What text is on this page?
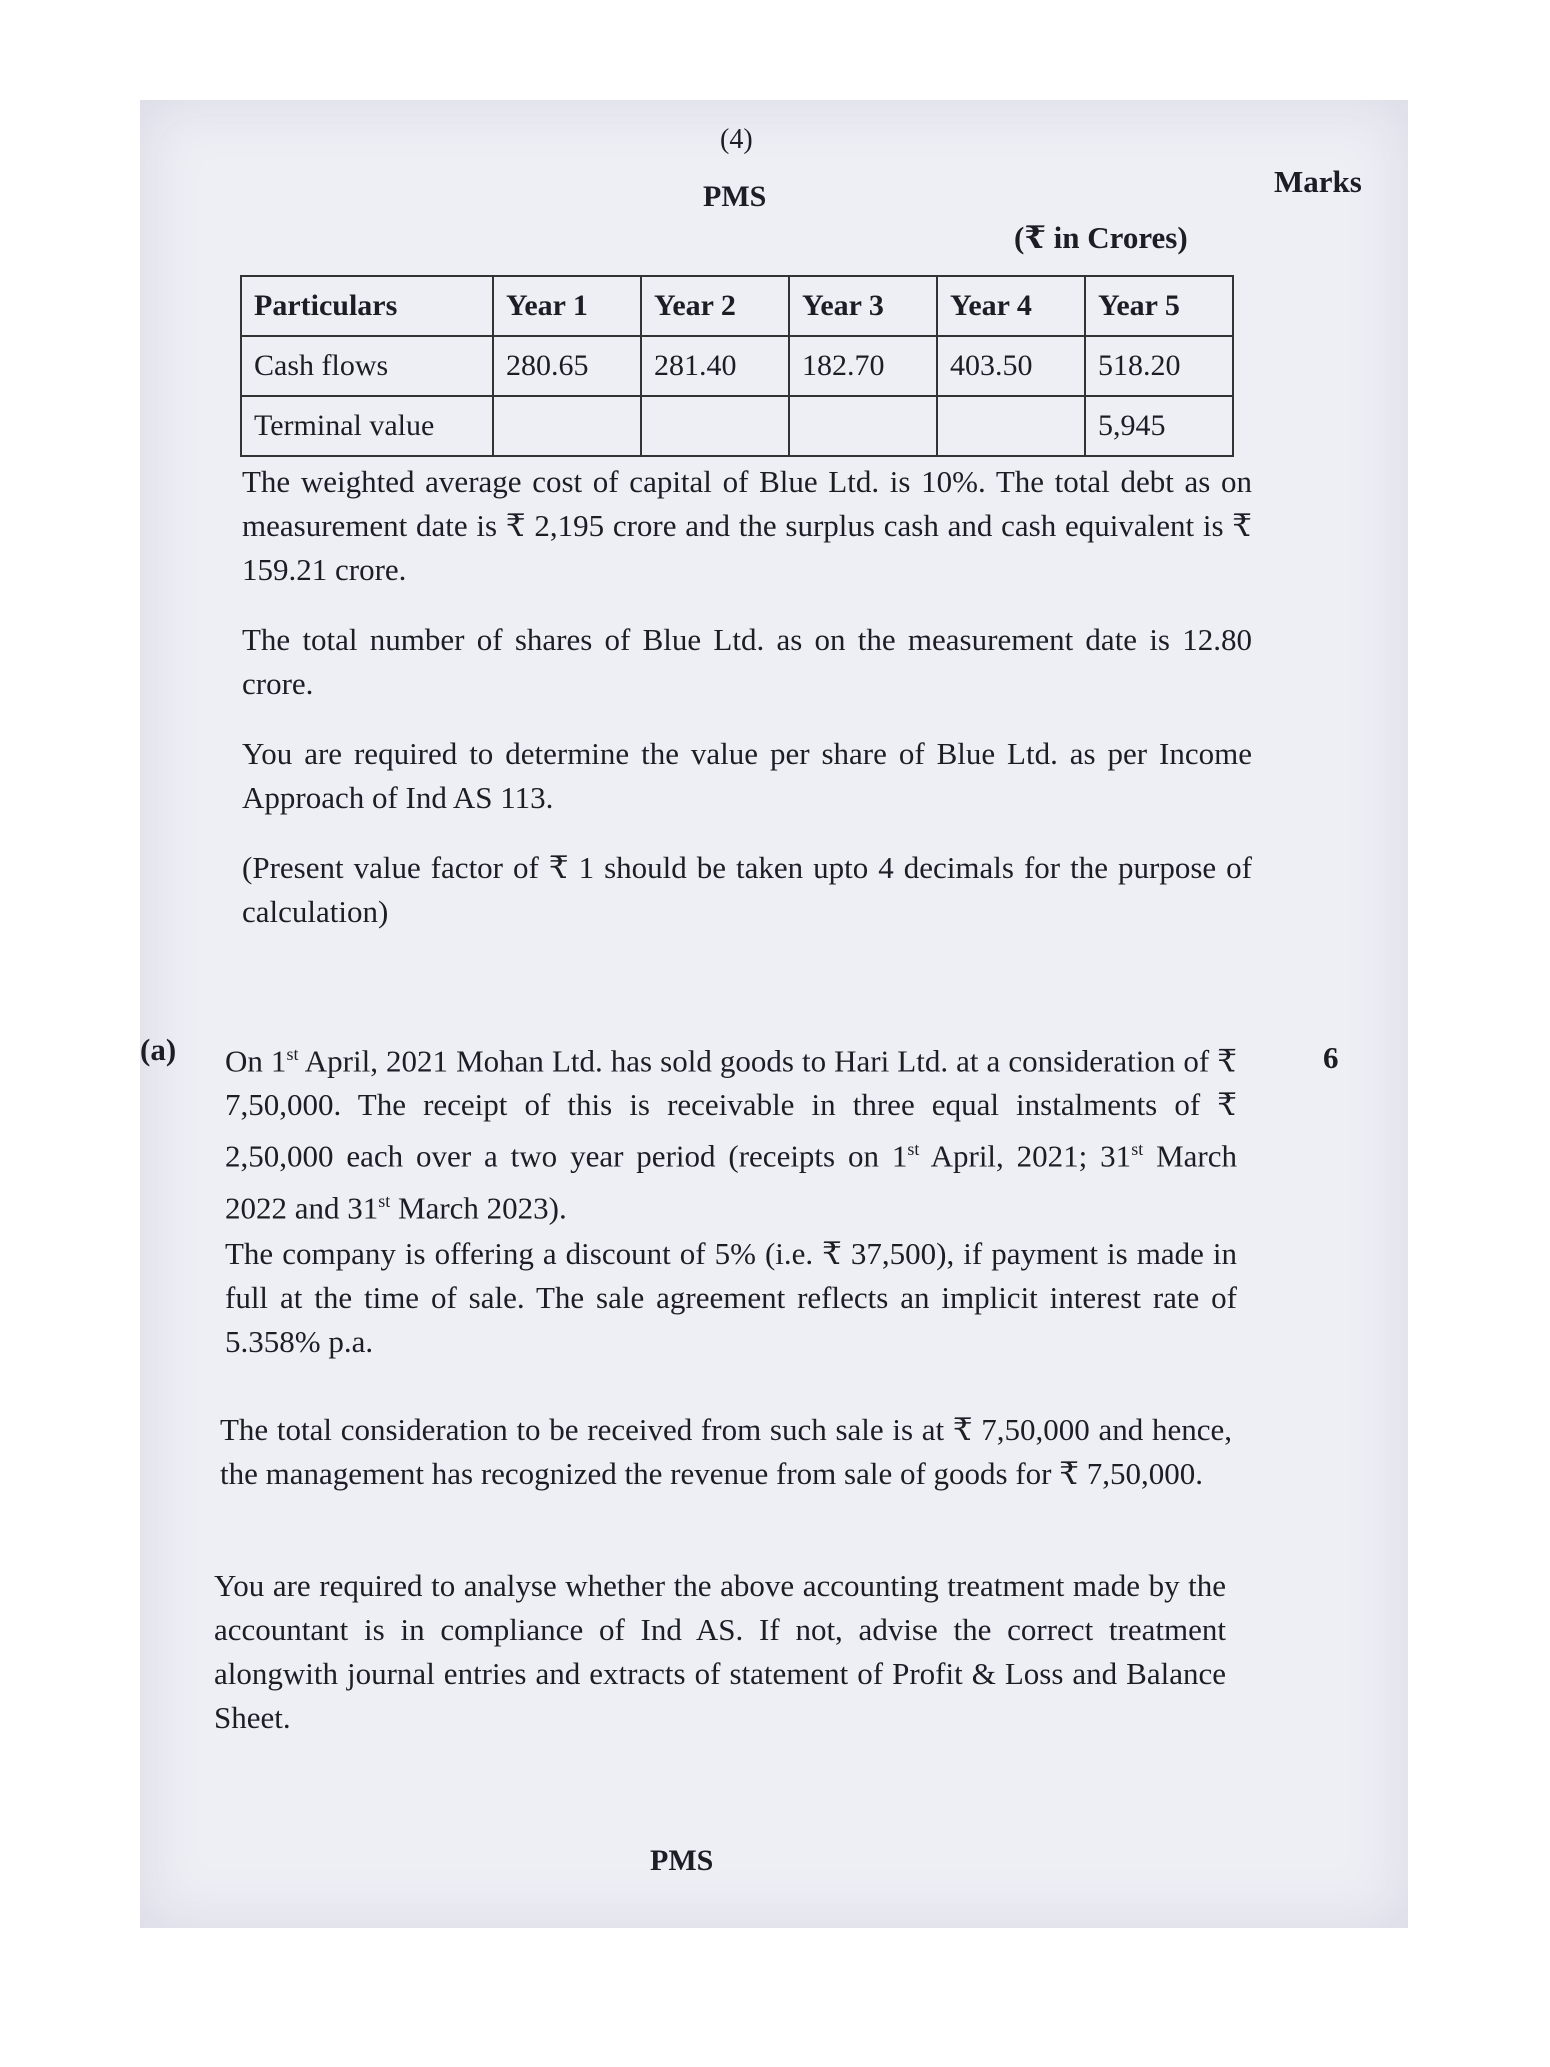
(4)
PMS	Marks
(₹ in Crores)
Particulars	Year 1	Year 2	Year 3	Year 4	Year 5
Cash flows	280.65	281.40	182.70	403.50	518.20
Terminal value					5,945

The weighted average cost of capital of Blue Ltd. is 10%. The total debt as on measurement date is ₹ 2,195 crore and the surplus cash and cash equivalent is ₹ 159.21 crore.

The total number of shares of Blue Ltd. as on the measurement date is 12.80 crore.

You are required to determine the value per share of Blue Ltd. as per Income Approach of Ind AS 113.

(Present value factor of ₹ 1 should be taken upto 4 decimals for the purpose of calculation)

(a)	6

On 1st April, 2021 Mohan Ltd. has sold goods to Hari Ltd. at a consideration of ₹ 7,50,000. The receipt of this is receivable in three equal instalments of ₹ 2,50,000 each over a two year period (receipts on 1st April, 2021; 31st March 2022 and 31st March 2023).

The company is offering a discount of 5% (i.e. ₹ 37,500), if payment is made in full at the time of sale. The sale agreement reflects an implicit interest rate of 5.358% p.a.

The total consideration to be received from such sale is at ₹ 7,50,000 and hence, the management has recognized the revenue from sale of goods for ₹ 7,50,000.

You are required to analyse whether the above accounting treatment made by the accountant is in compliance of Ind AS. If not, advise the correct treatment alongwith journal entries and extracts of statement of Profit & Loss and Balance Sheet.

PMS
